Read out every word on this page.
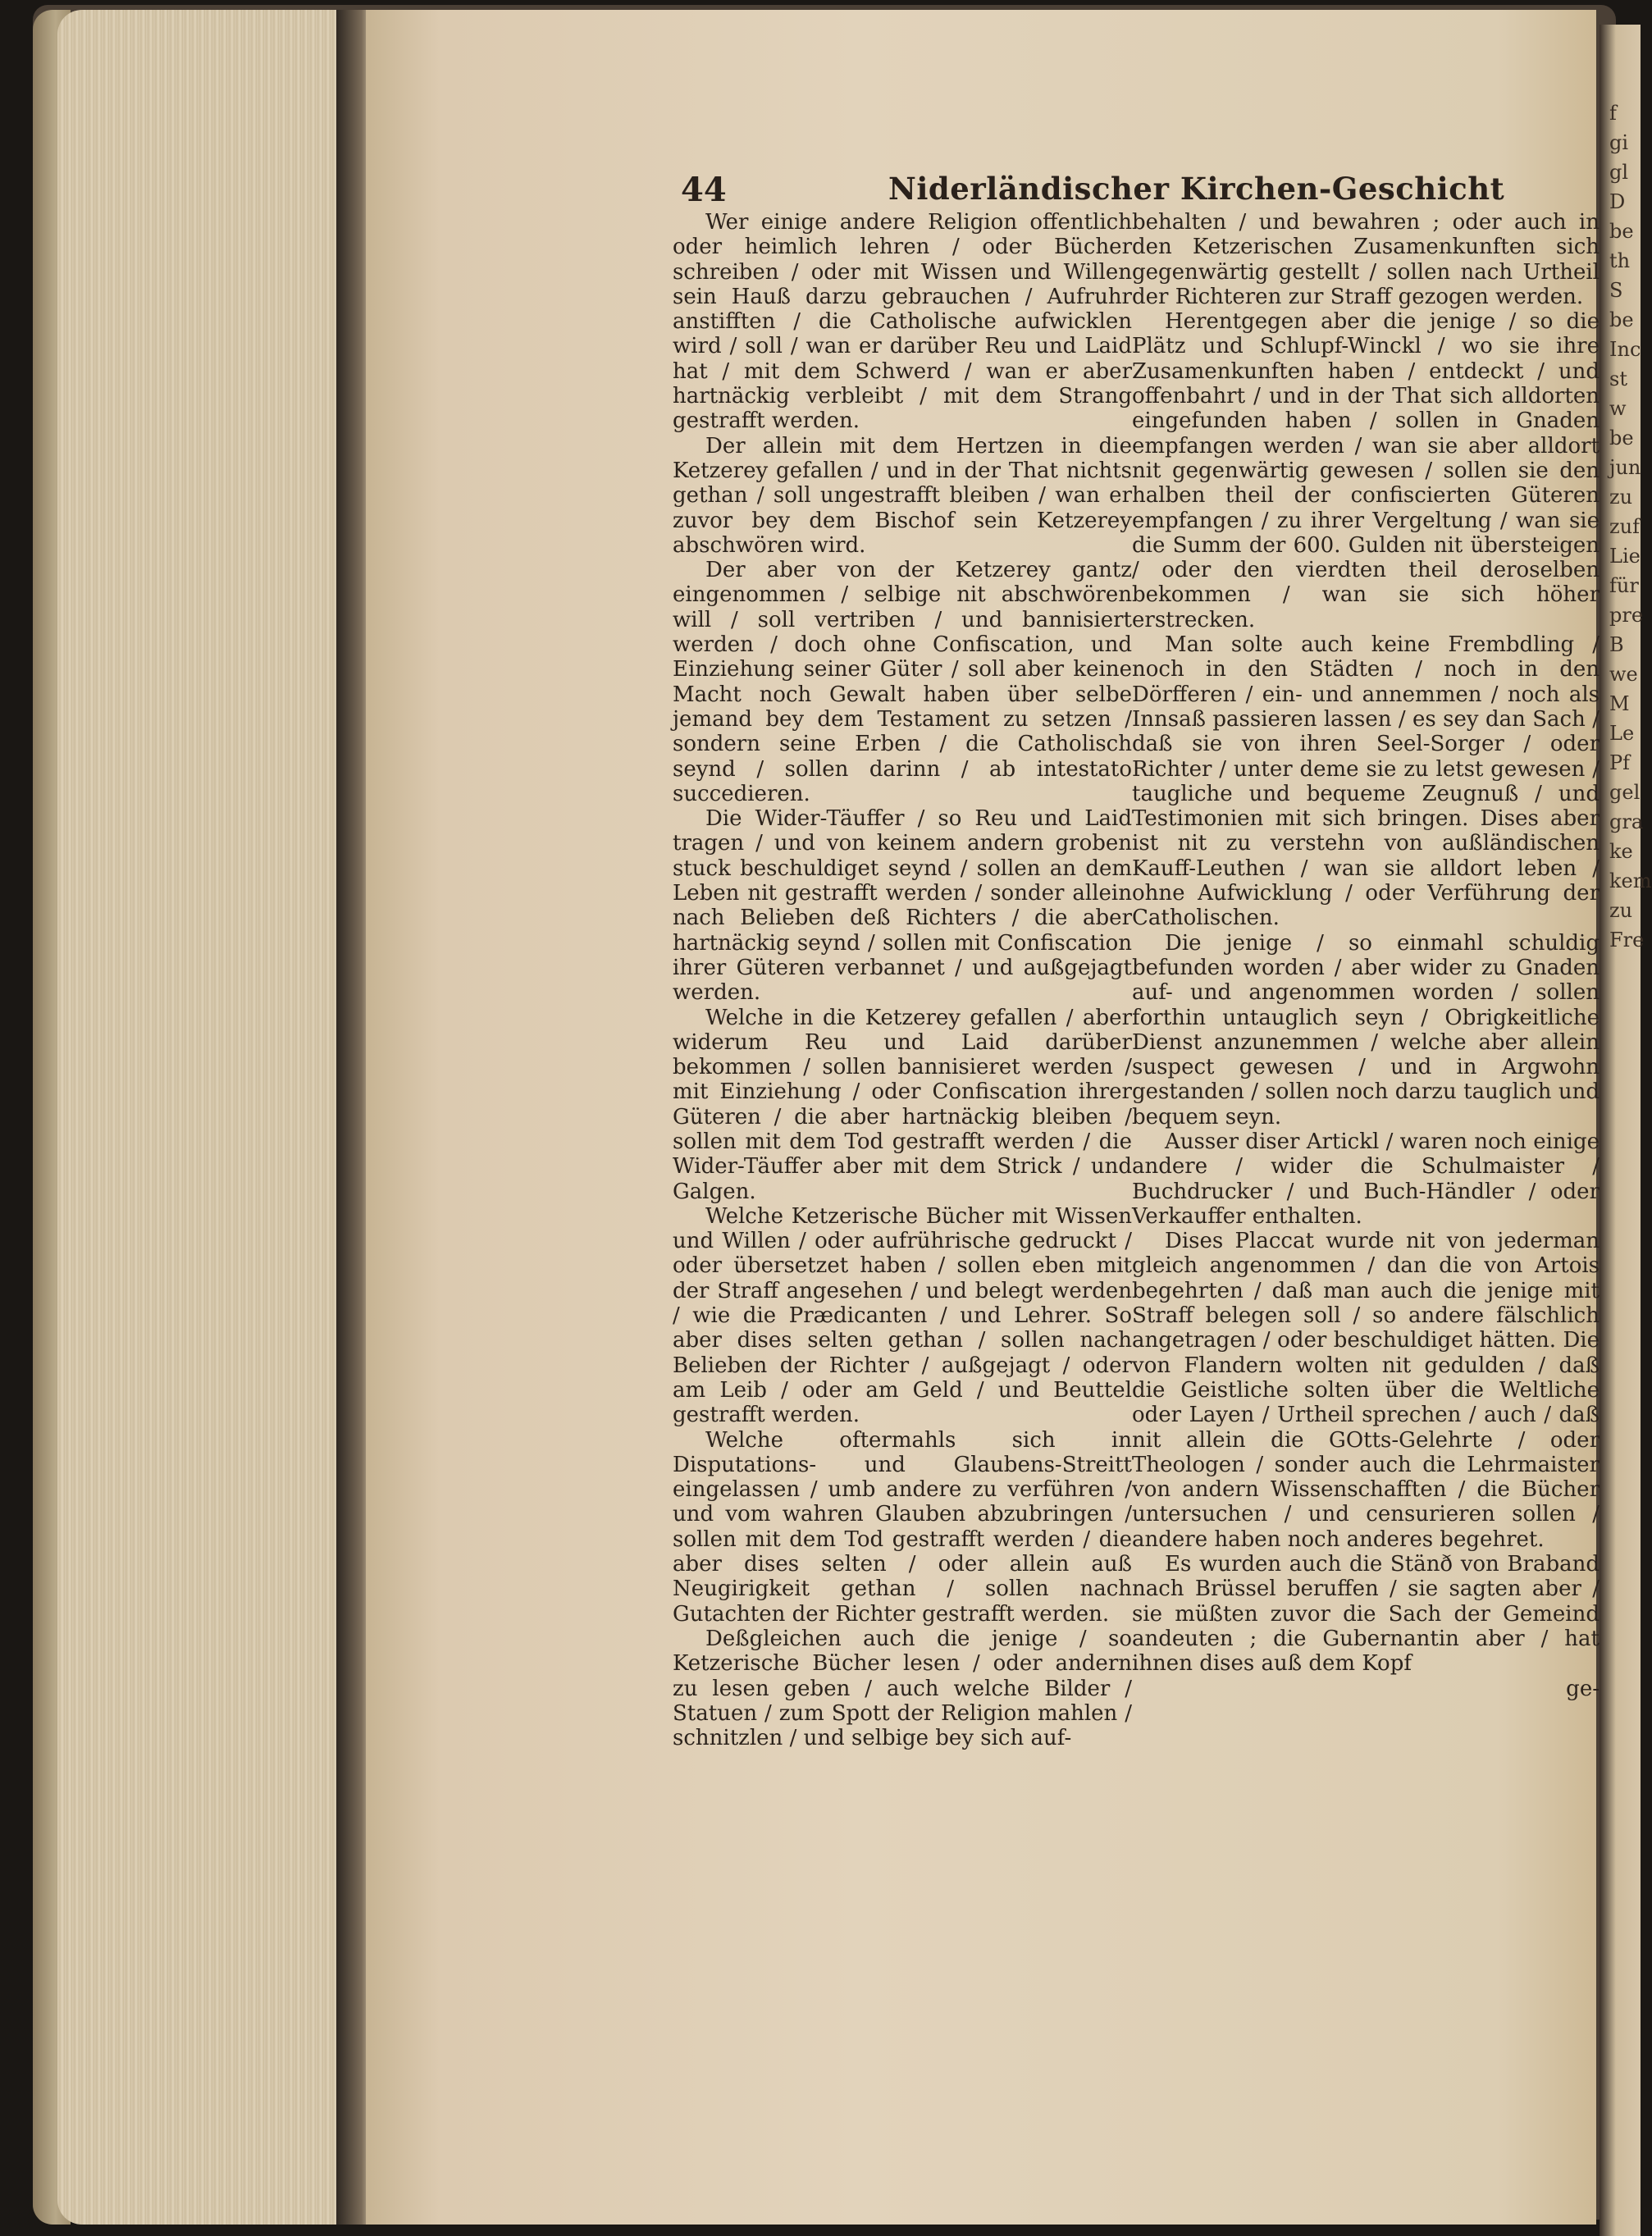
f
gi
gl
D
be
th
S
be
Inc
st
w
be
jun
zu
zuf
Lie
für
pre
B
we
M
Le
Pf
gel
gra
ke
kem
zu
Fre
44	Niderländischer Kirchen-Geschicht

Wer einige andere Religion offentlich oder heimlich lehren / oder Bücher schreiben / oder mit Wissen und Willen sein Hauß darzu gebrauchen / Aufruhr anstifften / die Catholische aufwicklen wird / soll / wan er darüber Reu und Laid hat / mit dem Schwerd / wan er aber hartnäckig verbleibt / mit dem Strang gestrafft werden.

Der allein mit dem Hertzen in die Ketzerey gefallen / und in der That nichts gethan / soll ungestrafft bleiben / wan er zuvor bey dem Bischof sein Ketzerey abschwören wird.

Der aber von der Ketzerey gantz eingenommen / selbige nit abschwören will / soll vertriben / und bannisiert werden / doch ohne Confiscation, und Einziehung seiner Güter / soll aber keine Macht noch Gewalt haben über selbe jemand bey dem Testament zu setzen / sondern seine Erben / die Catholisch seynd / sollen darinn / ab intestato succedieren.

Die Wider-Täuffer / so Reu und Laid tragen / und von keinem andern groben stuck beschuldiget seynd / sollen an dem Leben nit gestrafft werden / sonder allein nach Belieben deß Richters / die aber hartnäckig seynd / sollen mit Confiscation ihrer Güteren verbannet / und außgejagt werden.

Welche in die Ketzerey gefallen / aber widerum Reu und Laid darüber bekommen / sollen bannisieret werden / mit Einziehung / oder Confiscation ihrer Güteren / die aber hartnäckig bleiben / sollen mit dem Tod gestrafft werden / die Wider-Täuffer aber mit dem Strick / und Galgen.

Welche Ketzerische Bücher mit Wissen und Willen / oder aufrührische gedruckt / oder übersetzet haben / sollen eben mit der Straff angesehen / und belegt werden / wie die Prædicanten / und Lehrer. So aber dises selten gethan / sollen nach Belieben der Richter / außgejagt / oder am Leib / oder am Geld / und Beuttel gestrafft werden.

Welche oftermahls sich in Disputations- und Glaubens-Streitt eingelassen / umb andere zu verführen / und vom wahren Glauben abzubringen / sollen mit dem Tod gestrafft werden / die aber dises selten / oder allein auß Neugirigkeit gethan / sollen nach Gutachten der Richter gestrafft werden.

Deßgleichen auch die jenige / so Ketzerische Bücher lesen / oder andern zu lesen geben / auch welche Bilder / Statuen / zum Spott der Religion mahlen / schnitzlen / und selbige bey sich auf-

behalten / und bewahren ; oder auch in den Ketzerischen Zusamenkunften sich gegenwärtig gestellt / sollen nach Urtheil der Richteren zur Straff gezogen werden.

Herentgegen aber die jenige / so die Plätz und Schlupf-Winckl / wo sie ihre Zusamenkunften haben / entdeckt / und offenbahrt / und in der That sich alldorten eingefunden haben / sollen in Gnaden empfangen werden / wan sie aber alldort nit gegenwärtig gewesen / sollen sie den halben theil der confiscierten Güteren empfangen / zu ihrer Vergeltung / wan sie die Summ der 600. Gulden nit übersteigen / oder den vierdten theil deroselben bekommen / wan sie sich höher erstrecken.

Man solte auch keine Frembdling / noch in den Städten / noch in den Dörfferen / ein- und annemmen / noch als Innsaß passieren lassen / es sey dan Sach / daß sie von ihren Seel-Sorger / oder Richter / unter deme sie zu letst gewesen / taugliche und bequeme Zeugnuß / und Testimonien mit sich bringen. Dises aber ist nit zu verstehn von außländischen Kauff-Leuthen / wan sie alldort leben / ohne Aufwicklung / oder Verführung der Catholischen.

Die jenige / so einmahl schuldig befunden worden / aber wider zu Gnaden auf- und angenommen worden / sollen forthin untauglich seyn / Obrigkeitliche Dienst anzunemmen / welche aber allein suspect gewesen / und in Argwohn gestanden / sollen noch darzu tauglich und bequem seyn.

Ausser diser Artickl / waren noch einige andere / wider die Schulmaister / Buchdrucker / und Buch-Händler / oder Verkauffer enthalten.

Dises Placcat wurde nit von jederman gleich angenommen / dan die von Artois begehrten / daß man auch die jenige mit Straff belegen soll / so andere fälschlich angetragen / oder beschuldiget hätten. Die von Flandern wolten nit gedulden / daß die Geistliche solten über die Weltliche oder Layen / Urtheil sprechen / auch / daß nit allein die GOtts-Gelehrte / oder Theologen / sonder auch die Lehrmaister von andern Wissenschafften / die Bücher untersuchen / und censurieren sollen / andere haben noch anderes begehret.

Es wurden auch die Stänð von Braband nach Brüssel beruffen / sie sagten aber / sie müßten zuvor die Sach der Gemeind andeuten ; die Gubernantin aber / hat ihnen dises auß dem Kopf

ge-
